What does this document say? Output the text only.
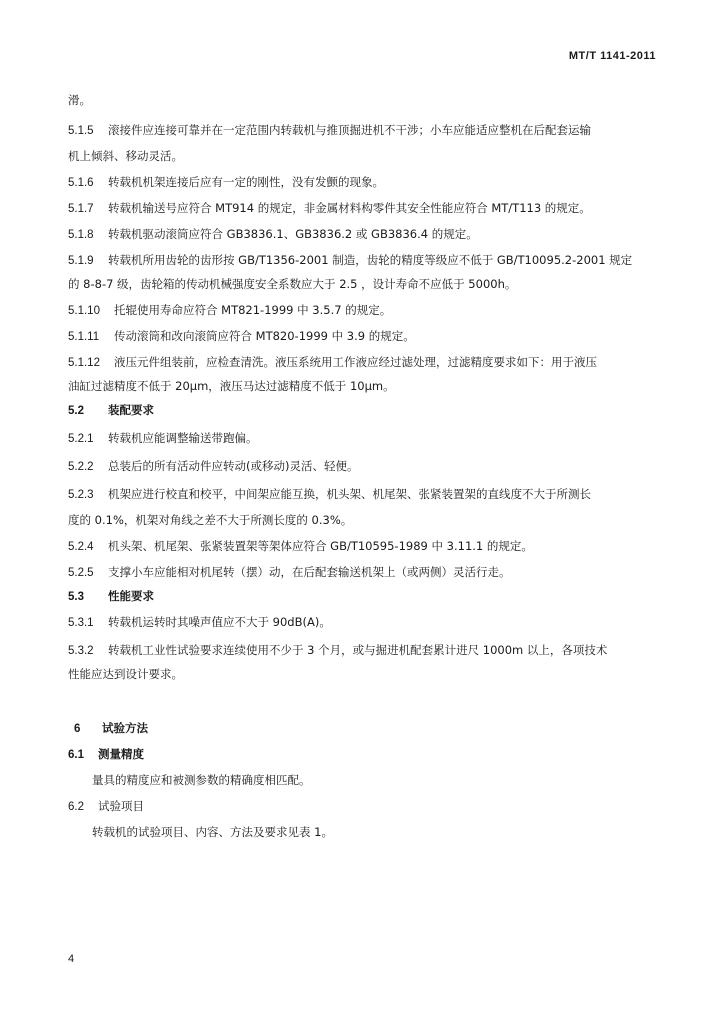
MT/T 1141-2011
滑。
5.1.5 滚接件应连接可靠并在一定范围内转载机与推顶掘进机不干涉；小车应能适应整机在后配套运输
机上倾斜、移动灵活。
5.1.6 转载机机架连接后应有一定的刚性，没有发颤的现象。
5.1.7 转载机输送号应符合 MT914 的规定，非金属材料构零件其安全性能应符合 MT/T113 的规定。
5.1.8 转载机驱动滚筒应符合 GB3836.1、GB3836.2 或 GB3836.4 的规定。
5.1.9 转载机所用齿轮的齿形按 GB/T1356-2001 制造，齿轮的精度等级应不低于 GB/T10095.2-2001 规定
的 8-8-7 级，齿轮箱的传动机械强度安全系数应大于 2.5 ，设计寿命不应低于 5000h。
5.1.10 托辊使用寿命应符合 MT821-1999 中 3.5.7 的规定。
5.1.11 传动滚筒和改向滚筒应符合 MT820-1999 中 3.9 的规定。
5.1.12 液压元件组装前，应检查清洗。液压系统用工作液应经过滤处理，过滤精度要求如下：用于液压
油缸过滤精度不低于 20μm，液压马达过滤精度不低于 10μm。
5.2 装配要求
5.2.1 转载机应能调整输送带跑偏。
5.2.2 总装后的所有活动件应转动(或移动)灵活、轻便。
5.2.3 机架应进行校直和校平，中间架应能互换，机头架、机尾架、张紧装置架的直线度不大于所测长
度的 0.1%，机架对角线之差不大于所测长度的 0.3%。
5.2.4 机头架、机尾架、张紧装置架等架体应符合 GB/T10595-1989 中 3.11.1 的规定。
5.2.5 支撑小车应能相对机尾转（摆）动，在后配套输送机架上（或两侧）灵活行走。
5.3 性能要求
5.3.1 转载机运转时其噪声值应不大于 90dB(A)。
5.3.2 转载机工业性试验要求连续使用不少于 3 个月，或与掘进机配套累计进尺 1000m 以上，各项技术
性能应达到设计要求。
6 试验方法
6.1 测量精度
量具的精度应和被测参数的精确度相匹配。
6.2 试验项目
转载机的试验项目、内容、方法及要求见表 1。
4
